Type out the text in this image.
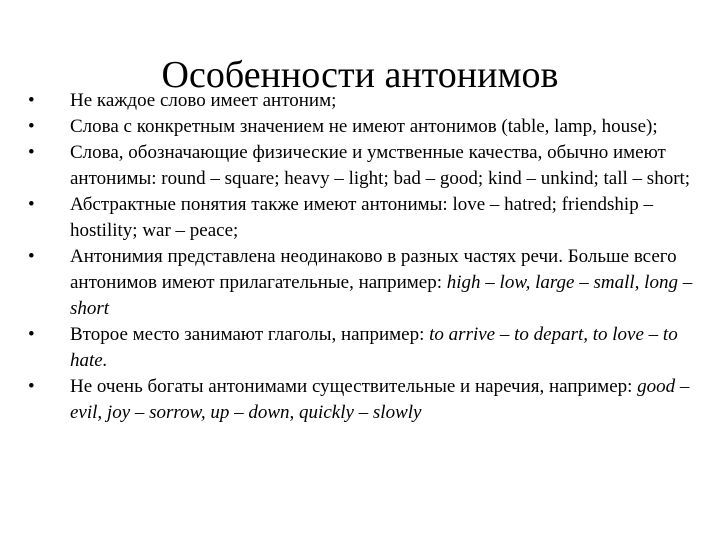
Особенности антонимов
•	Не каждое слово имеет антоним;
•	Слова с конкретным значением не имеют антонимов (table, lamp, house);
•	Слова, обозначающие физические и умственные качества, обычно имеют антонимы: round – square; heavy – light; bad – good; kind – unkind; tall – short;
•	Абстрактные понятия также имеют антонимы: love – hatred; friendship – hostility; war – peace;
•	Антонимия представлена неодинаково в разных частях речи. Больше всего антонимов имеют прилагательные, например: high – low, large – small, long – short
•	Второе место занимают глаголы, например: to arrive – to depart, to love – to hate.
•	Не очень богаты антонимами существительные и наречия, например: good – evil, joy – sorrow, up – down, quickly – slowly
